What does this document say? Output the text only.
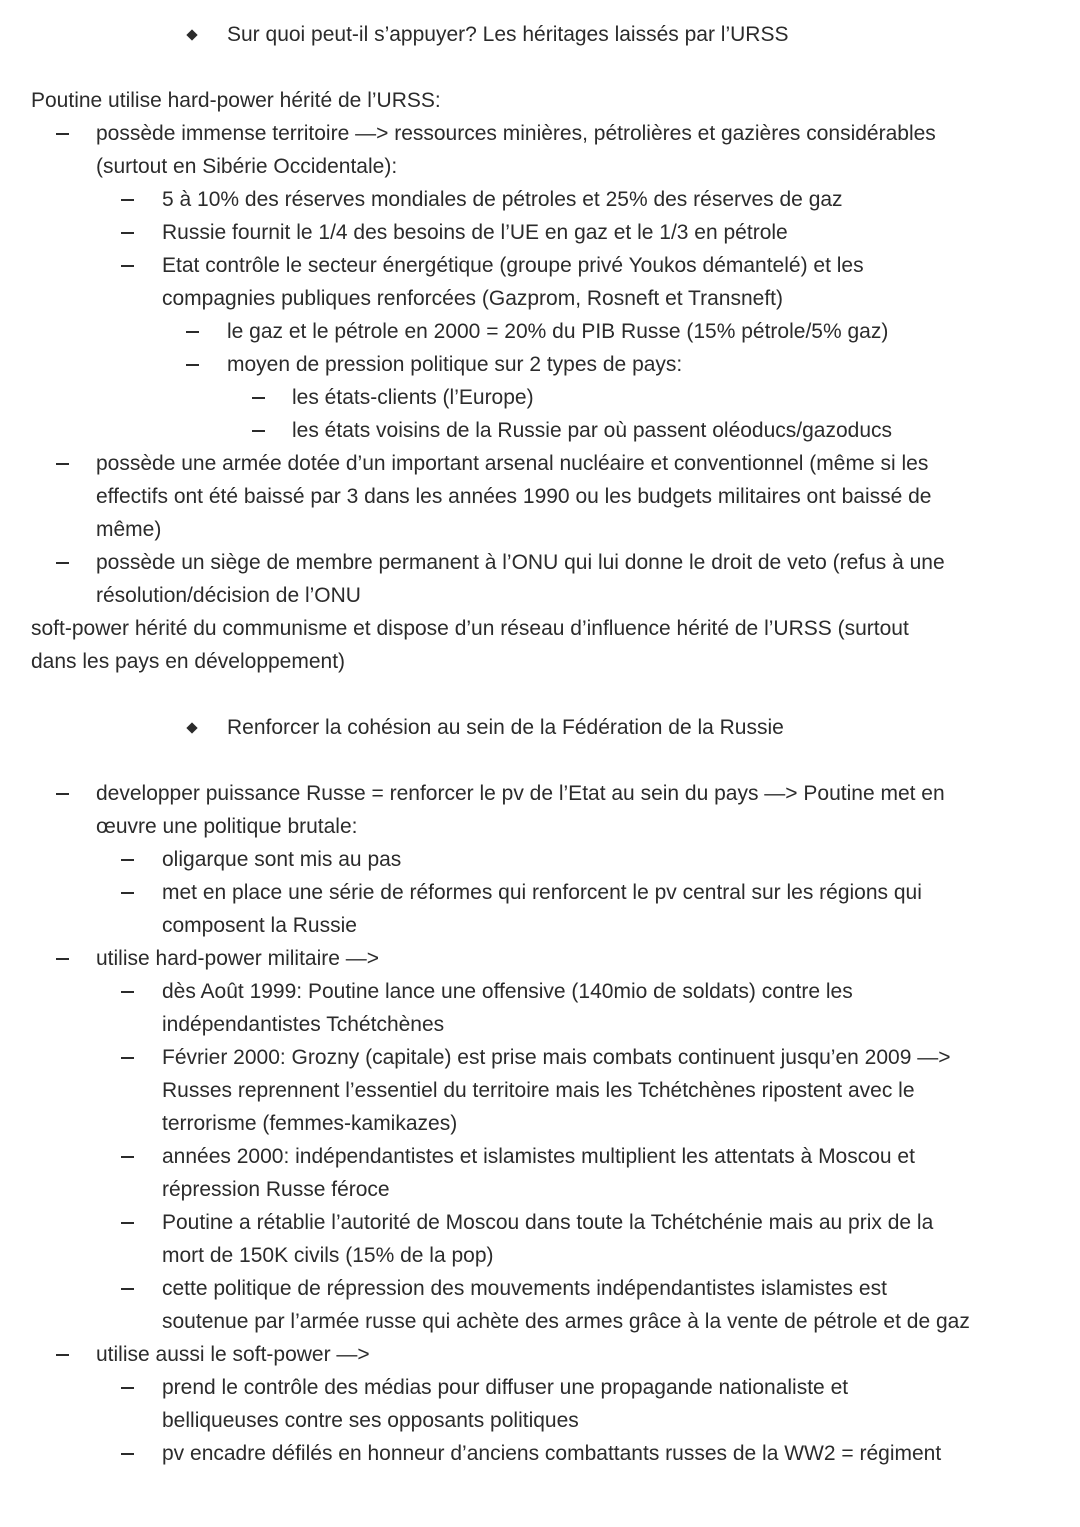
Sur quoi peut-il s’appuyer? Les héritages laissés par l’URSS
Poutine utilise hard-power hérité de l’URSS:
possède immense territoire —> ressources minières, pétrolières et gazières considérables
(surtout en Sibérie Occidentale):
5 à 10% des réserves mondiales de pétroles et 25% des réserves de gaz
Russie fournit le 1/4 des besoins de l’UE en gaz et le 1/3 en pétrole
Etat contrôle le secteur énergétique (groupe privé Youkos démantelé) et les
compagnies publiques renforcées (Gazprom, Rosneft et Transneft)
le gaz et le pétrole en 2000 = 20% du PIB Russe (15% pétrole/5% gaz)
moyen de pression politique sur 2 types de pays:
les états-clients (l’Europe)
les états voisins de la Russie par où passent oléoducs/gazoducs
possède une armée dotée d’un important arsenal nucléaire et conventionnel (même si les
effectifs ont été baissé par 3 dans les années 1990 ou les budgets militaires ont baissé de
même)
possède un siège de membre permanent à l’ONU qui lui donne le droit de veto (refus à une
résolution/décision de l’ONU
soft-power hérité du communisme et dispose d’un réseau d’influence hérité de l’URSS (surtout
dans les pays en développement)
Renforcer la cohésion au sein de la Fédération de la Russie
developper puissance Russe = renforcer le pv de l’Etat au sein du pays —> Poutine met en
œuvre une politique brutale:
oligarque sont mis au pas
met en place une série de réformes qui renforcent le pv central sur les régions qui
composent la Russie
utilise hard-power militaire —>
dès Août 1999: Poutine lance une offensive (140mio de soldats) contre les
indépendantistes Tchétchènes
Février 2000: Grozny (capitale) est prise mais combats continuent jusqu’en 2009 —>
Russes reprennent l’essentiel du territoire mais les Tchétchènes ripostent avec le
terrorisme (femmes-kamikazes)
années 2000: indépendantistes et islamistes multiplient les attentats à Moscou et
répression Russe féroce
Poutine a rétablie l’autorité de Moscou dans toute la Tchétchénie mais au prix de la
mort de 150K civils (15% de la pop)
cette politique de répression des mouvements indépendantistes islamistes est
soutenue par l’armée russe qui achète des armes grâce à la vente de pétrole et de gaz
utilise aussi le soft-power —>
prend le contrôle des médias pour diffuser une propagande nationaliste et
belliqueuses contre ses opposants politiques
pv encadre défilés en honneur d’anciens combattants russes de la WW2 = régiment
